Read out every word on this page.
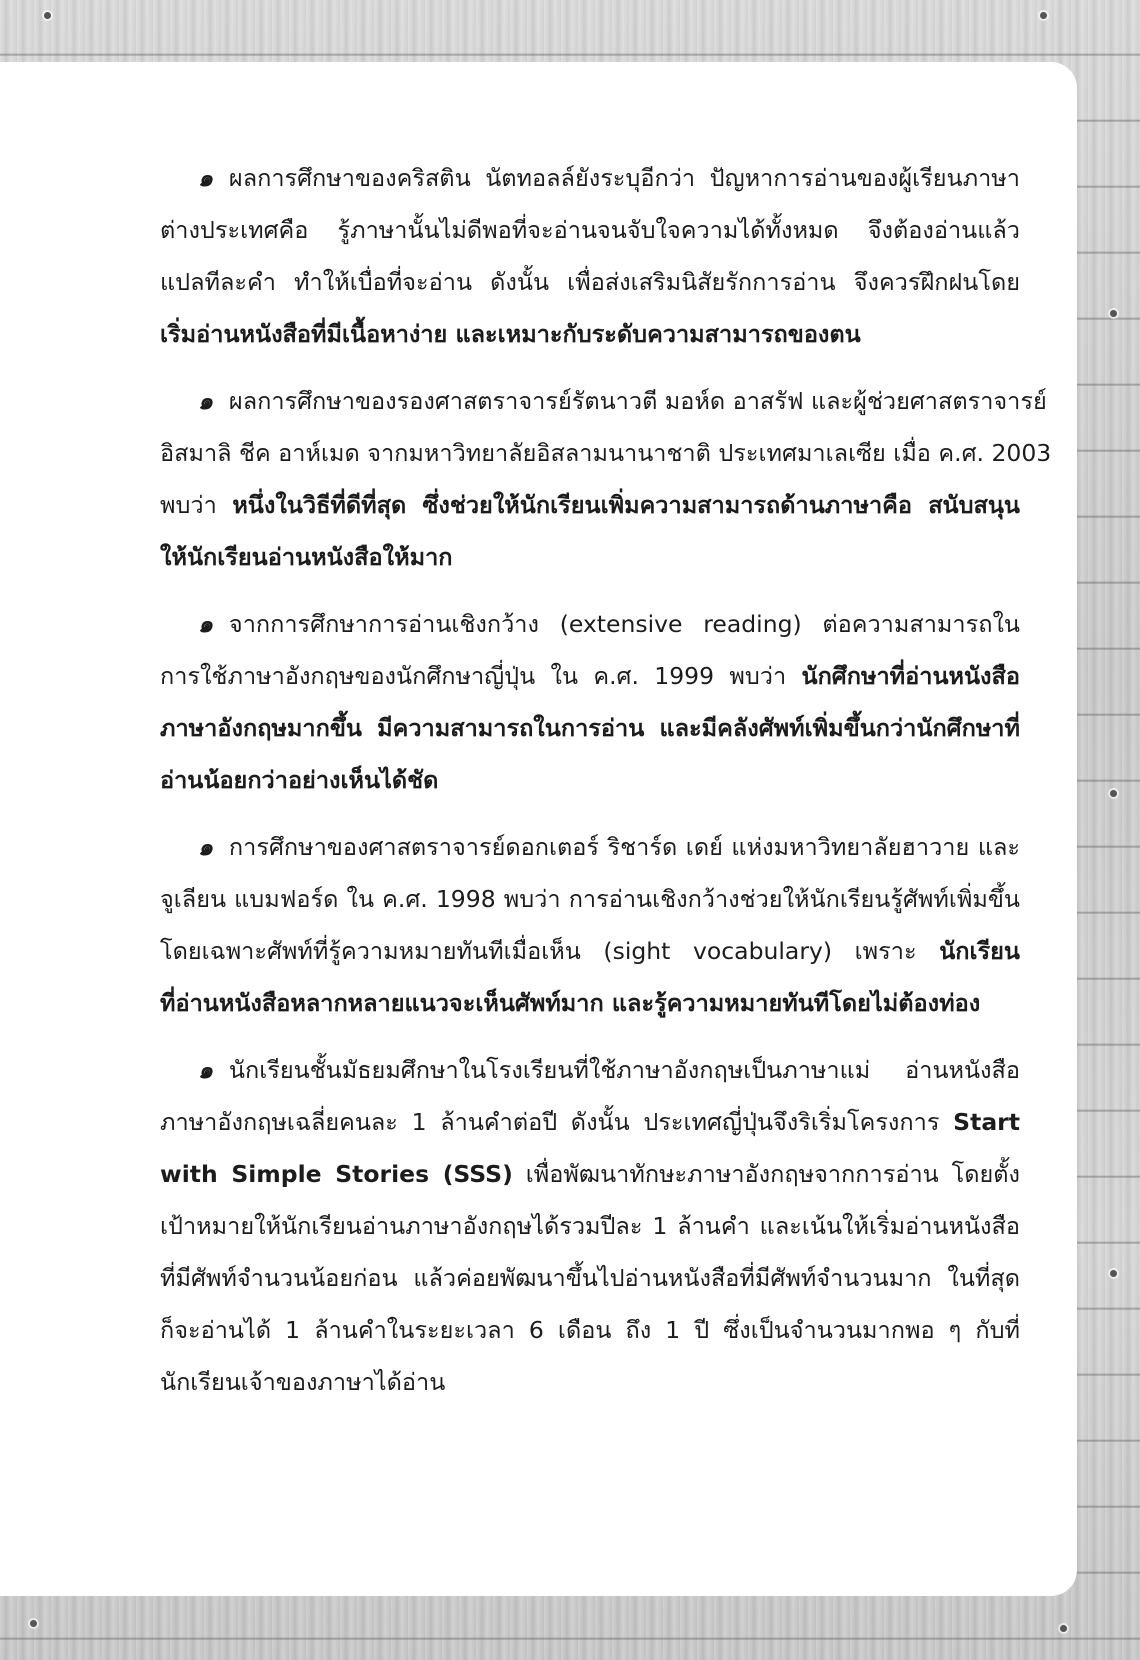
๑ ผลการศึกษาของคริสติน นัตทอลล์ยังระบุอีกว่า ปัญหาการอ่านของผู้เรียนภาษา
ต่างประเทศคือ รู้ภาษานั้นไม่ดีพอที่จะอ่านจนจับใจความได้ทั้งหมด จึงต้องอ่านแล้ว
แปลทีละคำ ทำให้เบื่อที่จะอ่าน ดังนั้น เพื่อส่งเสริมนิสัยรักการอ่าน จึงควรฝึกฝนโดย
เริ่มอ่านหนังสือที่มีเนื้อหาง่าย และเหมาะกับระดับความสามารถของตน
๑ ผลการศึกษาของรองศาสตราจารย์รัตนาวตี มอห์ด อาสรัฟ และผู้ช่วยศาสตราจารย์
อิสมาลิ ชีค อาห์เมด จากมหาวิทยาลัยอิสลามนานาชาติ ประเทศมาเลเซีย เมื่อ ค.ศ. 2003
พบว่า หนึ่งในวิธีที่ดีที่สุด ซึ่งช่วยให้นักเรียนเพิ่มความสามารถด้านภาษาคือ สนับสนุน
ให้นักเรียนอ่านหนังสือให้มาก
๑ จากการศึกษาการอ่านเชิงกว้าง (extensive reading) ต่อความสามารถใน
การใช้ภาษาอังกฤษของนักศึกษาญี่ปุ่น ใน ค.ศ. 1999 พบว่า นักศึกษาที่อ่านหนังสือ
ภาษาอังกฤษมากขึ้น มีความสามารถในการอ่าน และมีคลังศัพท์เพิ่มขึ้นกว่านักศึกษาที่
อ่านน้อยกว่าอย่างเห็นได้ชัด
๑ การศึกษาของศาสตราจารย์ดอกเตอร์ ริชาร์ด เดย์ แห่งมหาวิทยาลัยฮาวาย และ
จูเลียน แบมฟอร์ด ใน ค.ศ. 1998 พบว่า การอ่านเชิงกว้างช่วยให้นักเรียนรู้ศัพท์เพิ่มขึ้น
โดยเฉพาะศัพท์ที่รู้ความหมายทันทีเมื่อเห็น (sight vocabulary) เพราะ นักเรียน
ที่อ่านหนังสือหลากหลายแนวจะเห็นศัพท์มาก และรู้ความหมายทันทีโดยไม่ต้องท่อง
๑ นักเรียนชั้นมัธยมศึกษาในโรงเรียนที่ใช้ภาษาอังกฤษเป็นภาษาแม่ อ่านหนังสือ
ภาษาอังกฤษเฉลี่ยคนละ 1 ล้านคำต่อปี ดังนั้น ประเทศญี่ปุ่นจึงริเริ่มโครงการ Start
with Simple Stories (SSS) เพื่อพัฒนาทักษะภาษาอังกฤษจากการอ่าน โดยตั้ง
เป้าหมายให้นักเรียนอ่านภาษาอังกฤษได้รวมปีละ 1 ล้านคำ และเน้นให้เริ่มอ่านหนังสือ
ที่มีศัพท์จำนวนน้อยก่อน แล้วค่อยพัฒนาขึ้นไปอ่านหนังสือที่มีศัพท์จำนวนมาก ในที่สุด
ก็จะอ่านได้ 1 ล้านคำในระยะเวลา 6 เดือน ถึง 1 ปี ซึ่งเป็นจำนวนมากพอ ๆ กับที่
นักเรียนเจ้าของภาษาได้อ่าน
